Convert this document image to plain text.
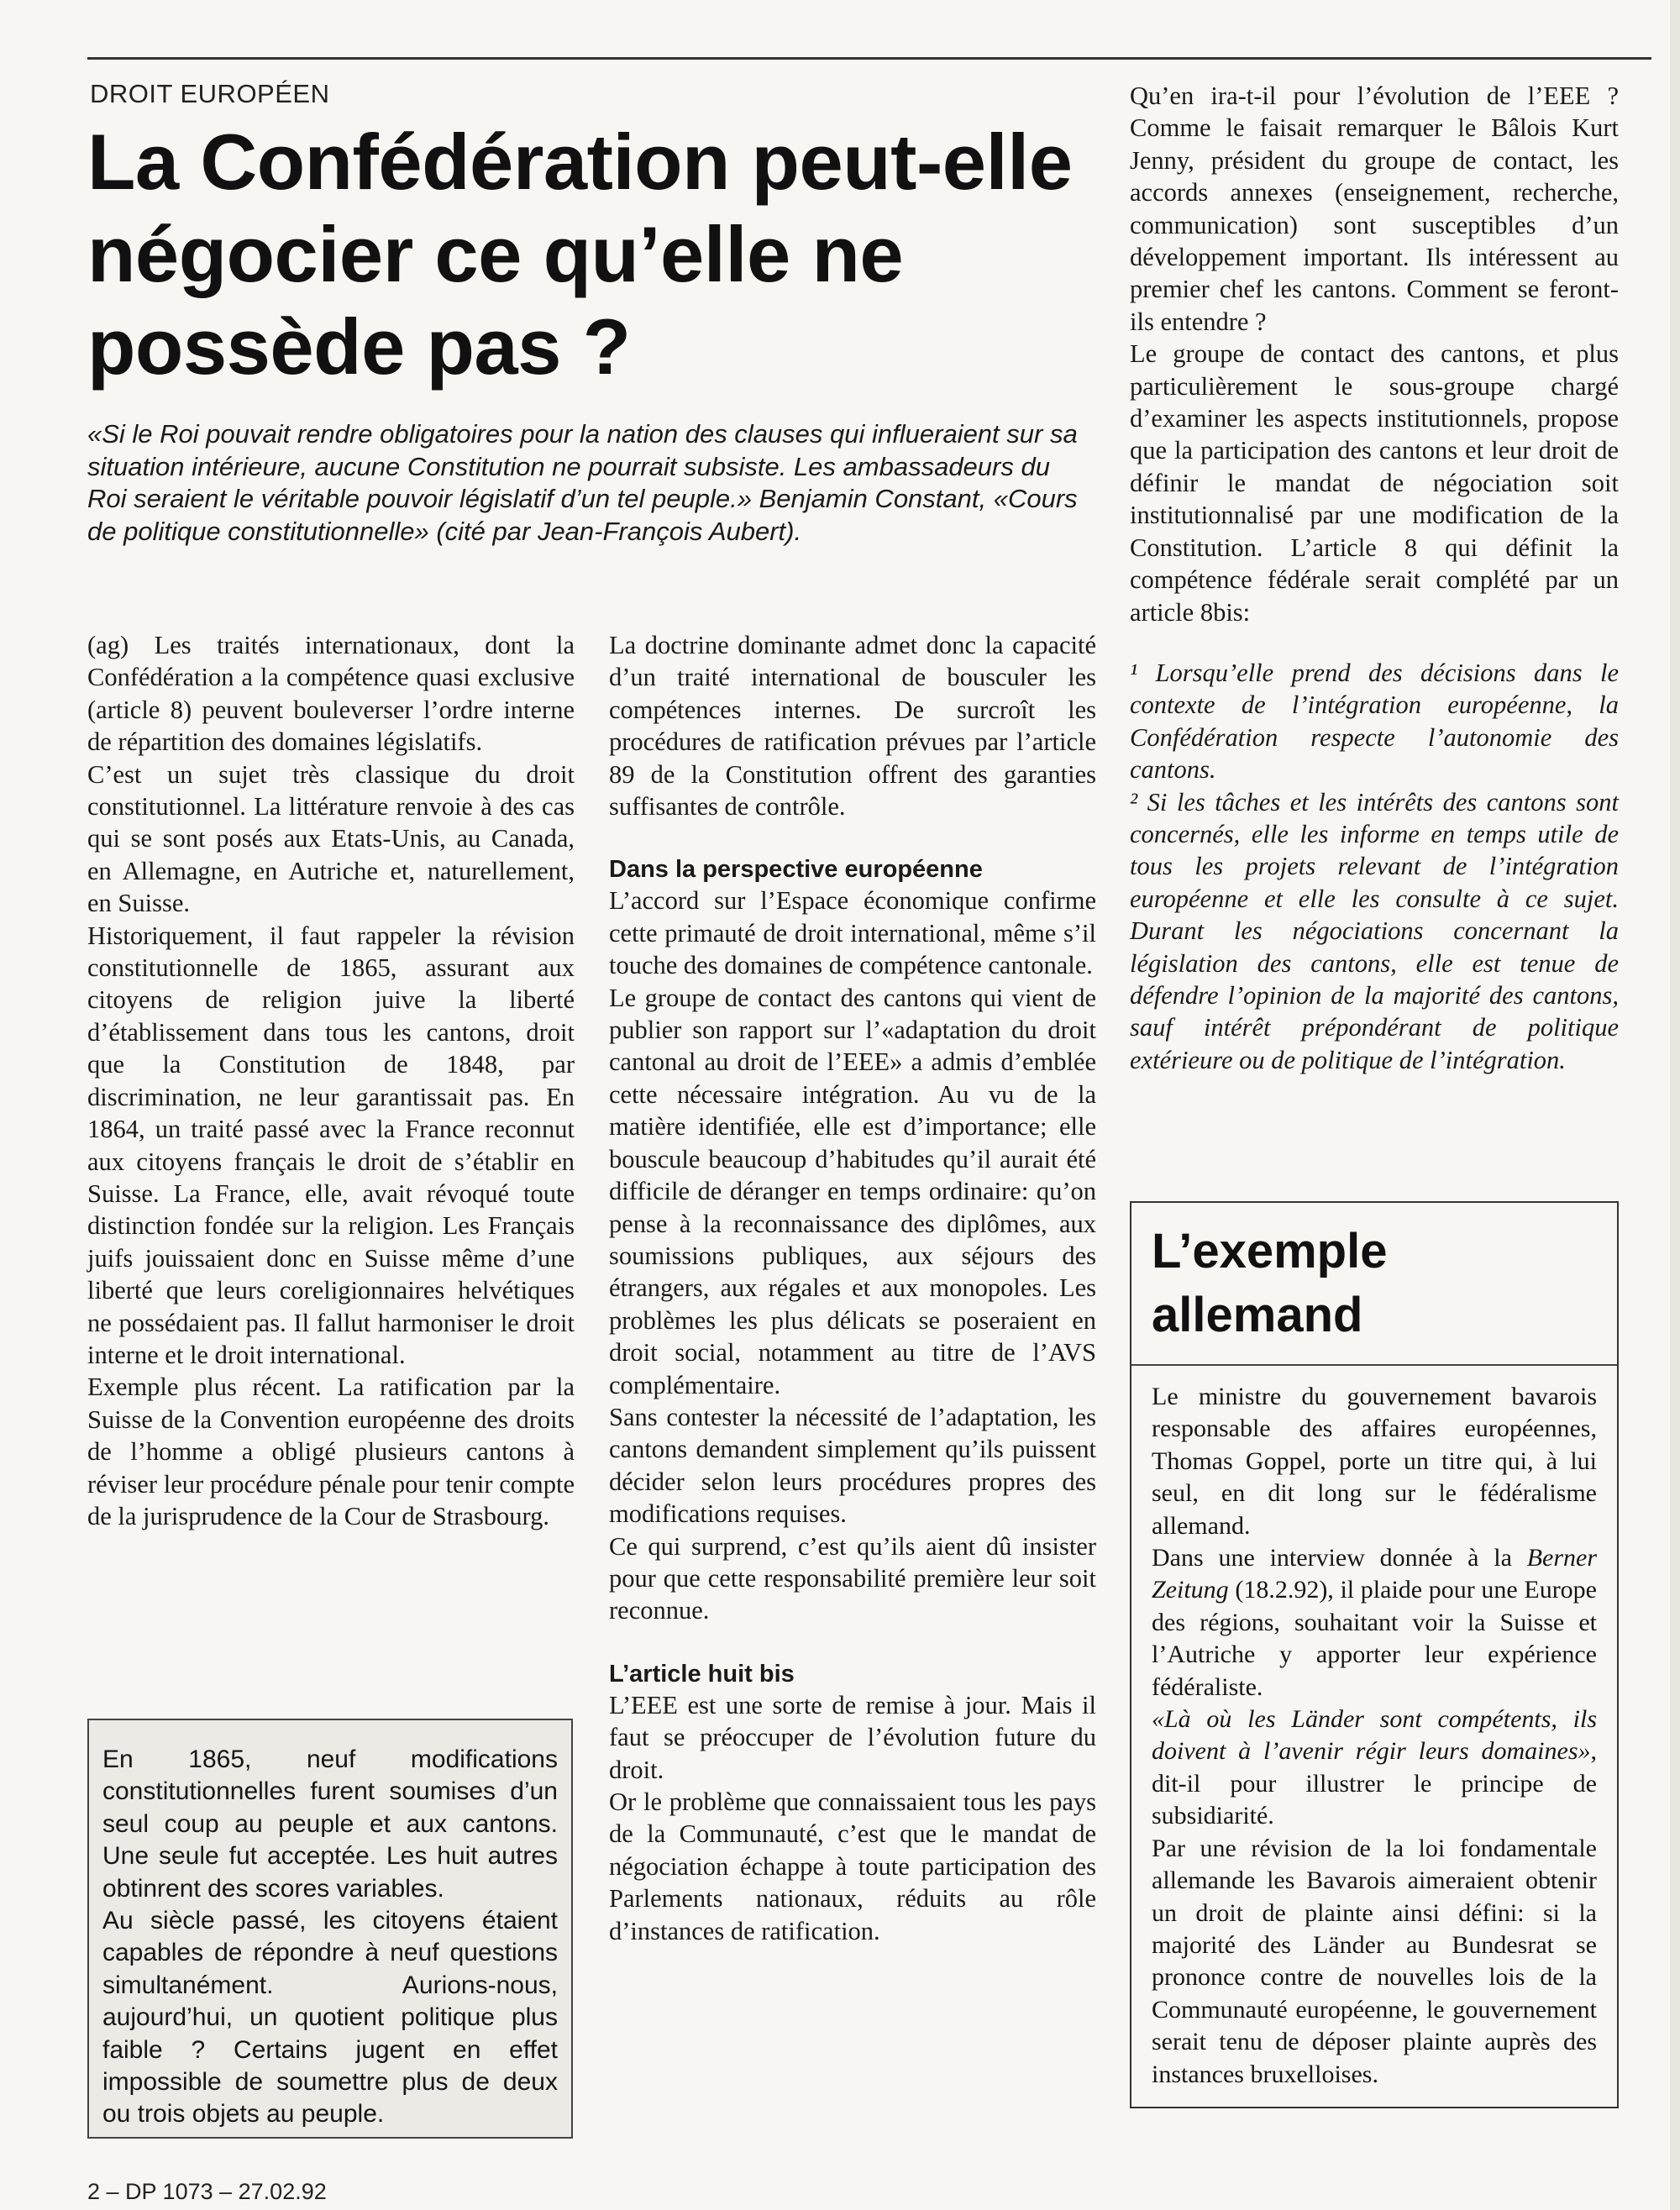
DROIT EUROPÉEN
La Confédération peut-elle négocier ce qu’elle ne possède pas ?

«Si le Roi pouvait rendre obligatoires pour la nation des clauses qui influeraient sur sa situation intérieure, aucune Constitution ne pourrait subsiste. Les ambassadeurs du Roi seraient le véritable pouvoir législatif d’un tel peuple.» Benjamin Constant, «Cours de politique constitutionnelle» (cité par Jean-François Aubert).

(ag) Les traités internationaux, dont la Confédération a la compétence quasi exclusive (article 8) peuvent bouleverser l’ordre interne de répartition des domaines législatifs.

C’est un sujet très classique du droit constitutionnel. La littérature renvoie à des cas qui se sont posés aux Etats-Unis, au Canada, en Allemagne, en Autriche et, naturellement, en Suisse.

Historiquement, il faut rappeler la révision constitutionnelle de 1865, assurant aux citoyens de religion juive la liberté d’établissement dans tous les cantons, droit que la Constitution de 1848, par discrimination, ne leur garantissait pas. En 1864, un traité passé avec la France reconnut aux citoyens français le droit de s’établir en Suisse. La France, elle, avait révoqué toute distinction fondée sur la religion. Les Français juifs jouissaient donc en Suisse même d’une liberté que leurs coreligionnaires helvétiques ne possédaient pas. Il fallut harmoniser le droit interne et le droit international.

Exemple plus récent. La ratification par la Suisse de la Convention européenne des droits de l’homme a obligé plusieurs cantons à réviser leur procédure pénale pour tenir compte de la jurisprudence de la Cour de Strasbourg.

En 1865, neuf modifications constitutionnelles furent soumises d’un seul coup au peuple et aux cantons. Une seule fut acceptée. Les huit autres obtinrent des scores variables.

Au siècle passé, les citoyens étaient capables de répondre à neuf questions simultanément. Aurions-nous, aujourd’hui, un quotient politique plus faible ? Certains jugent en effet impossible de soumettre plus de deux ou trois objets au peuple.

La doctrine dominante admet donc la capacité d’un traité international de bousculer les compétences internes. De surcroît les procédures de ratification prévues par l’article 89 de la Constitution offrent des garanties suffisantes de contrôle.

Dans la perspective européenne

L’accord sur l’Espace économique confirme cette primauté de droit international, même s’il touche des domaines de compétence cantonale.

Le groupe de contact des cantons qui vient de publier son rapport sur l’«adaptation du droit cantonal au droit de l’EEE» a admis d’emblée cette nécessaire intégration. Au vu de la matière identifiée, elle est d’importance; elle bouscule beaucoup d’habitudes qu’il aurait été difficile de déranger en temps ordinaire: qu’on pense à la reconnaissance des diplômes, aux soumissions publiques, aux séjours des étrangers, aux régales et aux monopoles. Les problèmes les plus délicats se poseraient en droit social, notamment au titre de l’AVS complémentaire.

Sans contester la nécessité de l’adaptation, les cantons demandent simplement qu’ils puissent décider selon leurs procédures propres des modifications requises.

Ce qui surprend, c’est qu’ils aient dû insister pour que cette responsabilité première leur soit reconnue.

L’article huit bis

L’EEE est une sorte de remise à jour. Mais il faut se préoccuper de l’évolution future du droit.

Or le problème que connaissaient tous les pays de la Communauté, c’est que le mandat de négociation échappe à toute participation des Parlements nationaux, réduits au rôle d’instances de ratification.

Qu’en ira-t-il pour l’évolution de l’EEE ? Comme le faisait remarquer le Bâlois Kurt Jenny, président du groupe de contact, les accords annexes (enseignement, recherche, communication) sont susceptibles d’un développement important. Ils intéressent au premier chef les cantons. Comment se feront-ils entendre ?

Le groupe de contact des cantons, et plus particulièrement le sous-groupe chargé d’examiner les aspects institutionnels, propose que la participation des cantons et leur droit de définir le mandat de négociation soit institutionnalisé par une modification de la Constitution. L’article 8 qui définit la compétence fédérale serait complété par un article 8bis:

¹ Lorsqu’elle prend des décisions dans le contexte de l’intégration européenne, la Confédération respecte l’autonomie des cantons.

² Si les tâches et les intérêts des cantons sont concernés, elle les informe en temps utile de tous les projets relevant de l’intégration européenne et elle les consulte à ce sujet. Durant les négociations concernant la législation des cantons, elle est tenue de défendre l’opinion de la majorité des cantons, sauf intérêt prépondérant de politique extérieure ou de politique de l’intégration.

L’exemple allemand

Le ministre du gouvernement bavarois responsable des affaires européennes, Thomas Goppel, porte un titre qui, à lui seul, en dit long sur le fédéralisme allemand.

Dans une interview donnée à la Berner Zeitung (18.2.92), il plaide pour une Europe des régions, souhaitant voir la Suisse et l’Autriche y apporter leur expérience fédéraliste.

«Là où les Länder sont compétents, ils doivent à l’avenir régir leurs domaines», dit-il pour illustrer le principe de subsidiarité.

Par une révision de la loi fondamentale allemande les Bavarois aimeraient obtenir un droit de plainte ainsi défini: si la majorité des Länder au Bundesrat se prononce contre de nouvelles lois de la Communauté européenne, le gouvernement serait tenu de déposer plainte auprès des instances bruxelloises.

2 – DP 1073 – 27.02.92
